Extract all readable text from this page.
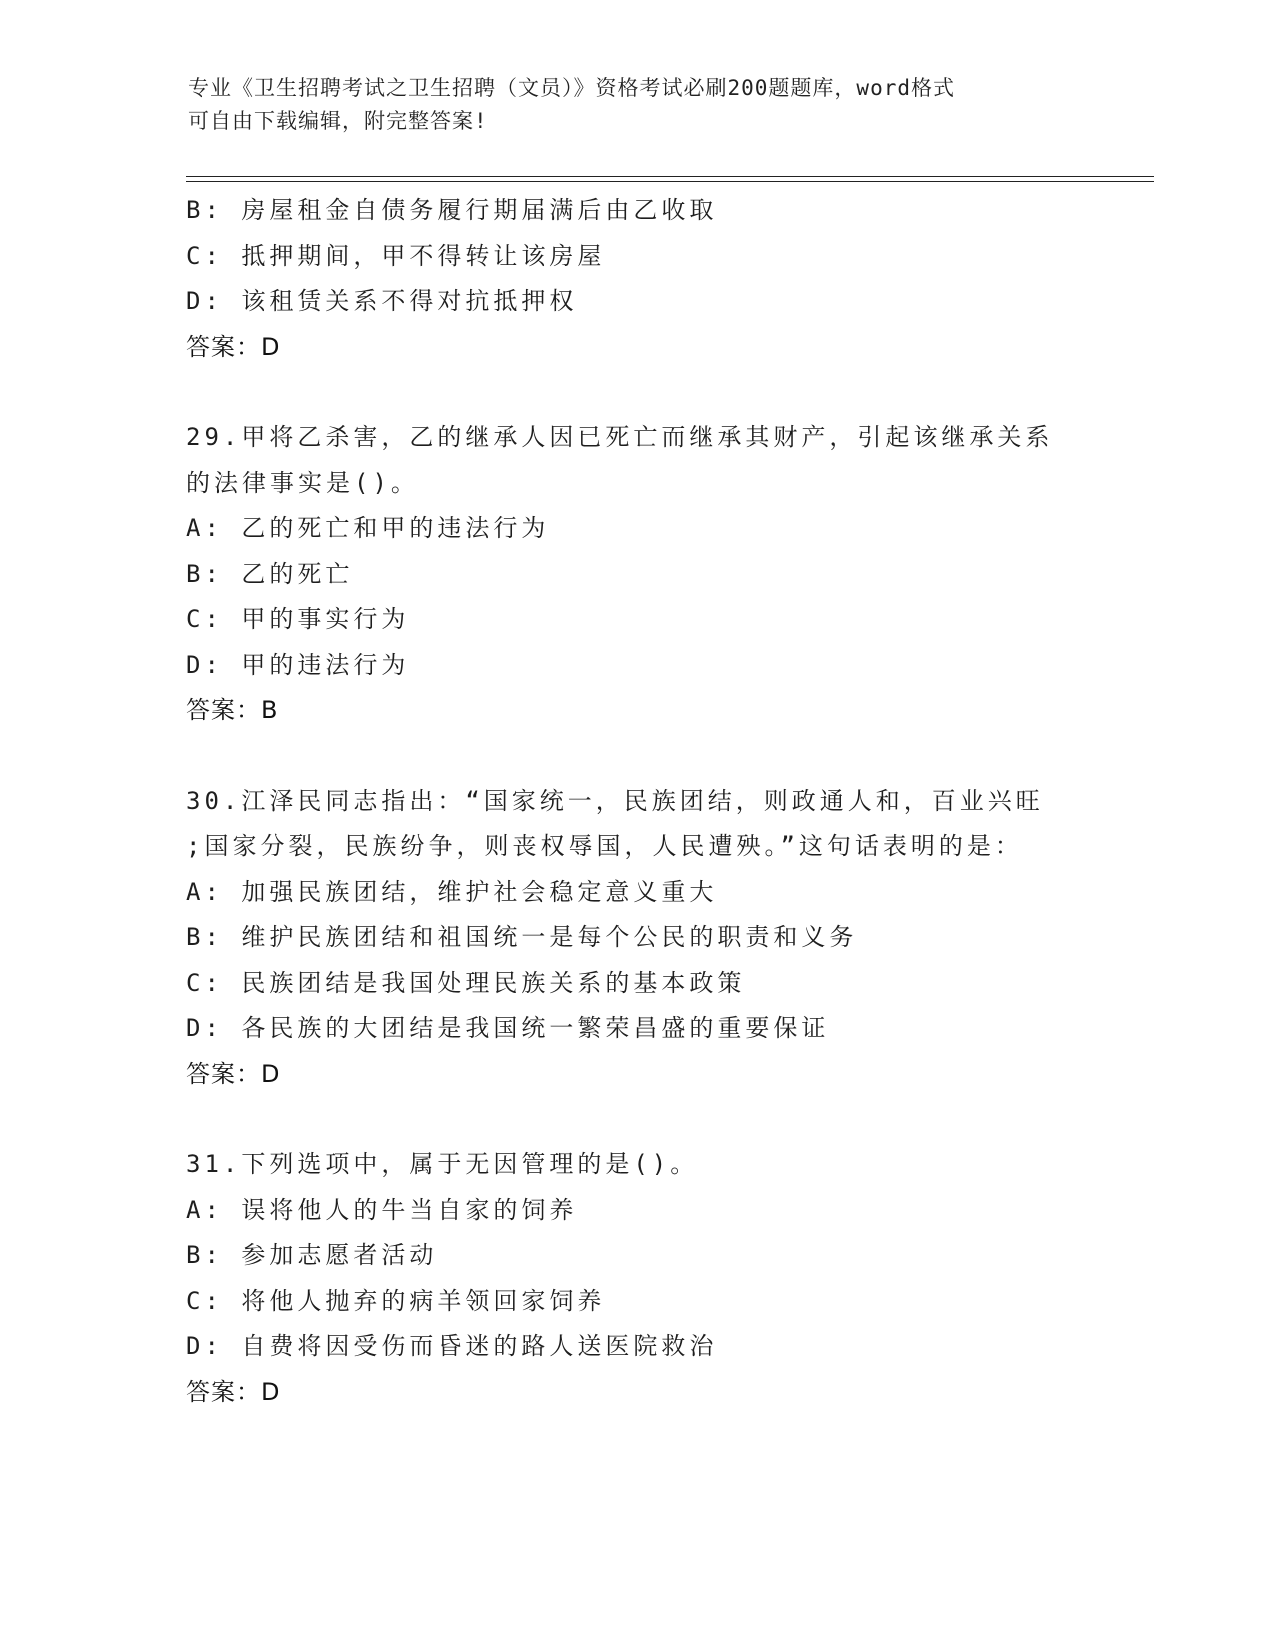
专业《卫生招聘考试之卫生招聘（文员）》资格考试必刷200题题库，word格式
可自由下载编辑，附完整答案!
B: 房屋租金自债务履行期届满后由乙收取
C: 抵押期间，甲不得转让该房屋
D: 该租赁关系不得对抗抵押权
答案：D
29.甲将乙杀害，乙的继承人因已死亡而继承其财产，引起该继承关系
的法律事实是()。
A: 乙的死亡和甲的违法行为
B: 乙的死亡
C: 甲的事实行为
D: 甲的违法行为
答案：B
30.江泽民同志指出：“国家统一，民族团结，则政通人和，百业兴旺
;国家分裂，民族纷争，则丧权辱国，人民遭殃。”这句话表明的是：
A: 加强民族团结，维护社会稳定意义重大
B: 维护民族团结和祖国统一是每个公民的职责和义务
C: 民族团结是我国处理民族关系的基本政策
D: 各民族的大团结是我国统一繁荣昌盛的重要保证
答案：D
31.下列选项中，属于无因管理的是()。
A: 误将他人的牛当自家的饲养
B: 参加志愿者活动
C: 将他人抛弃的病羊领回家饲养
D: 自费将因受伤而昏迷的路人送医院救治
答案：D
